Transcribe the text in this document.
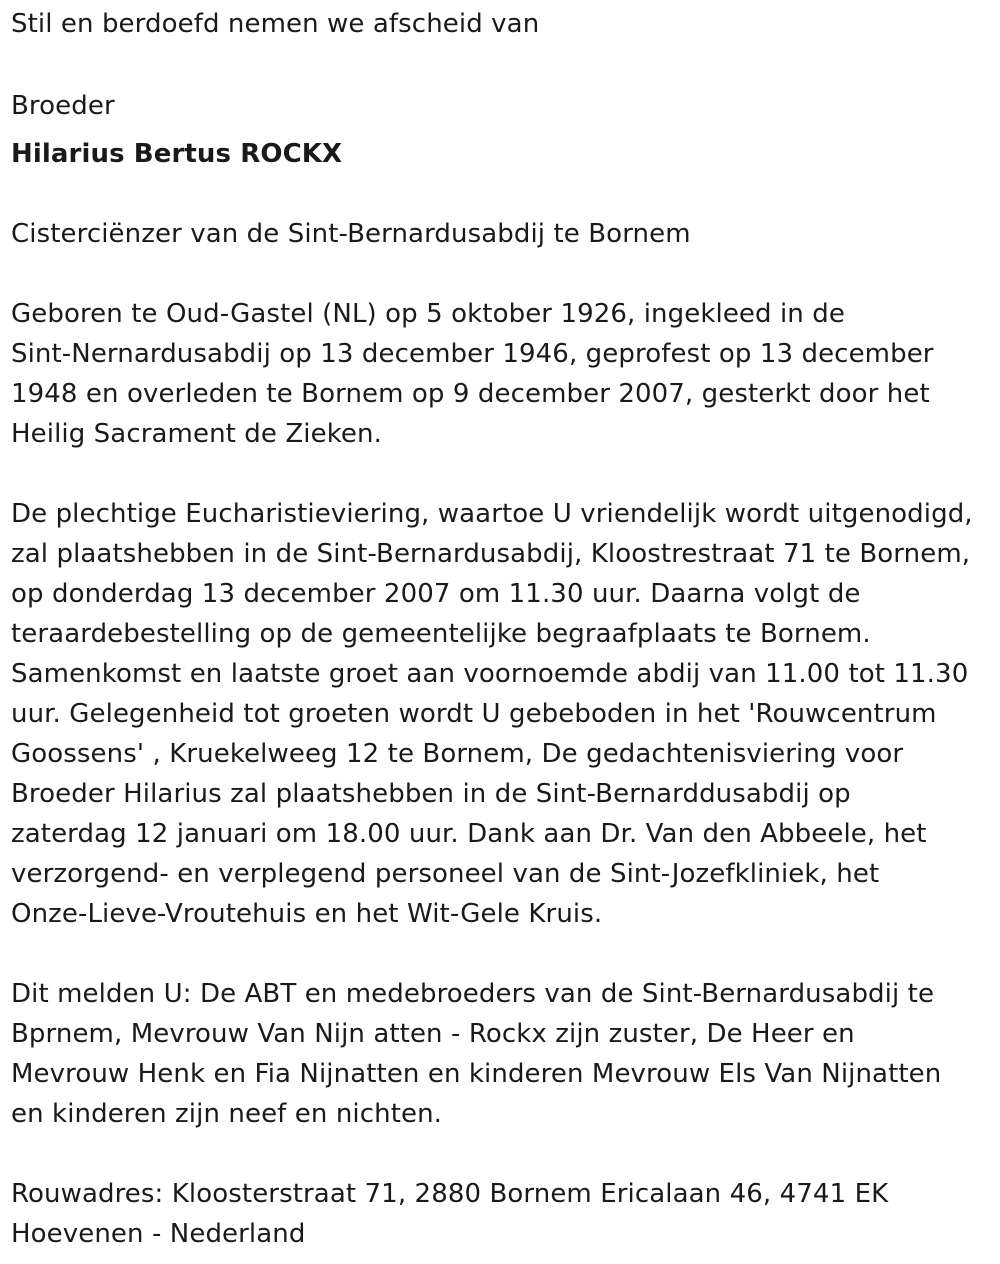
Stil en berdoefd nemen we afscheid van
Broeder
Hilarius Bertus ROCKX
Cisterciënzer van de Sint-Bernardusabdij te Bornem
Geboren te Oud-Gastel (NL) op 5 oktober 1926, ingekleed in de
Sint-Nernardusabdij op 13 december 1946, geprofest op 13 december
1948 en overleden te Bornem op 9 december 2007, gesterkt door het
Heilig Sacrament de Zieken.
De plechtige Eucharistieviering, waartoe U vriendelijk wordt uitgenodigd,
zal plaatshebben in de Sint-Bernardusabdij, Kloostrestraat 71 te Bornem,
op donderdag 13 december 2007 om 11.30 uur. Daarna volgt de
teraardebestelling op de gemeentelijke begraafplaats te Bornem.
Samenkomst en laatste groet aan voornoemde abdij van 11.00 tot 11.30
uur. Gelegenheid tot groeten wordt U gebeboden in het 'Rouwcentrum
Goossens' , Kruekelweeg 12 te Bornem, De gedachtenisviering voor
Broeder Hilarius zal plaatshebben in de Sint-Bernarddusabdij op
zaterdag 12 januari om 18.00 uur. Dank aan Dr. Van den Abbeele, het
verzorgend- en verplegend personeel van de Sint-Jozefkliniek, het
Onze-Lieve-Vroutehuis en het Wit-Gele Kruis.
Dit melden U: De ABT en medebroeders van de Sint-Bernardusabdij te
Bprnem, Mevrouw Van Nijn atten - Rockx zijn zuster, De Heer en
Mevrouw Henk en Fia Nijnatten en kinderen Mevrouw Els Van Nijnatten
en kinderen zijn neef en nichten.
Rouwadres: Kloosterstraat 71, 2880 Bornem Ericalaan 46, 4741 EK
Hoevenen - Nederland
